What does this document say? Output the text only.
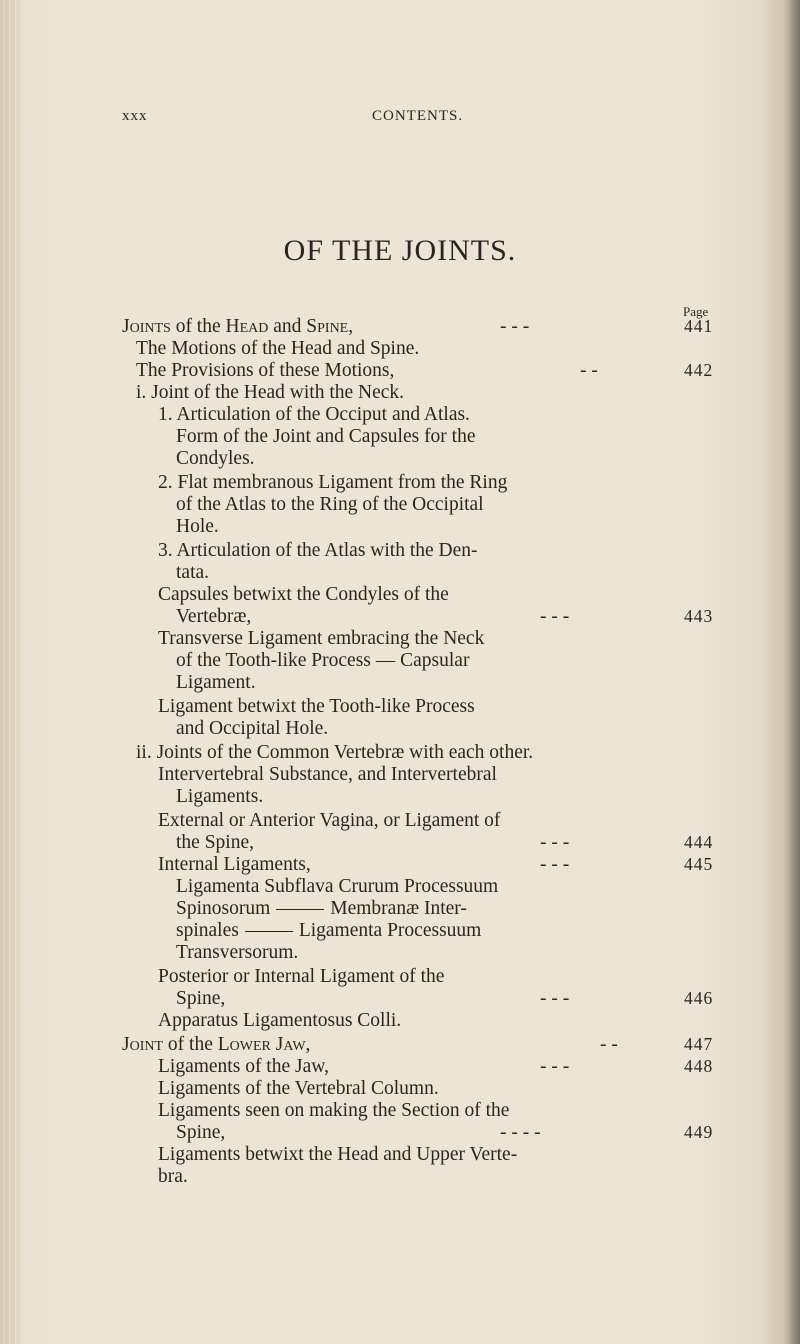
xxx	CONTENTS.
OF THE JOINTS.
Page
Joints of the Head and Spine,	- - -	441
The Motions of the Head and Spine.
The Provisions of these Motions,	- -	442
i. Joint of the Head with the Neck.
1. Articulation of the Occiput and Atlas.
Form of the Joint and Capsules for the
Condyles.
2. Flat membranous Ligament from the Ring
of the Atlas to the Ring of the Occipital
Hole.
3. Articulation of the Atlas with the Den-
tata.
Capsules betwixt the Condyles of the
Vertebræ,	- - -	443
Transverse Ligament embracing the Neck
of the Tooth-like Process — Capsular
Ligament.
Ligament betwixt the Tooth-like Process
and Occipital Hole.
ii. Joints of the Common Vertebræ with each other.
Intervertebral Substance, and Intervertebral
Ligaments.
External or Anterior Vagina, or Ligament of
the Spine,	- - -	444
Internal Ligaments,	- - -	445
Ligamenta Subflava Crurum Processuum
Spinosorum	Membranæ Inter-
spinales	Ligamenta Processuum
Transversorum.
Posterior or Internal Ligament of the
Spine,	- - -	446
Apparatus Ligamentosus Colli.
Joint of the Lower Jaw,	- -	447
Ligaments of the Jaw,	- - -	448
Ligaments of the Vertebral Column.
Ligaments seen on making the Section of the
Spine,	- - - -	449
Ligaments betwixt the Head and Upper Verte-
bra.
